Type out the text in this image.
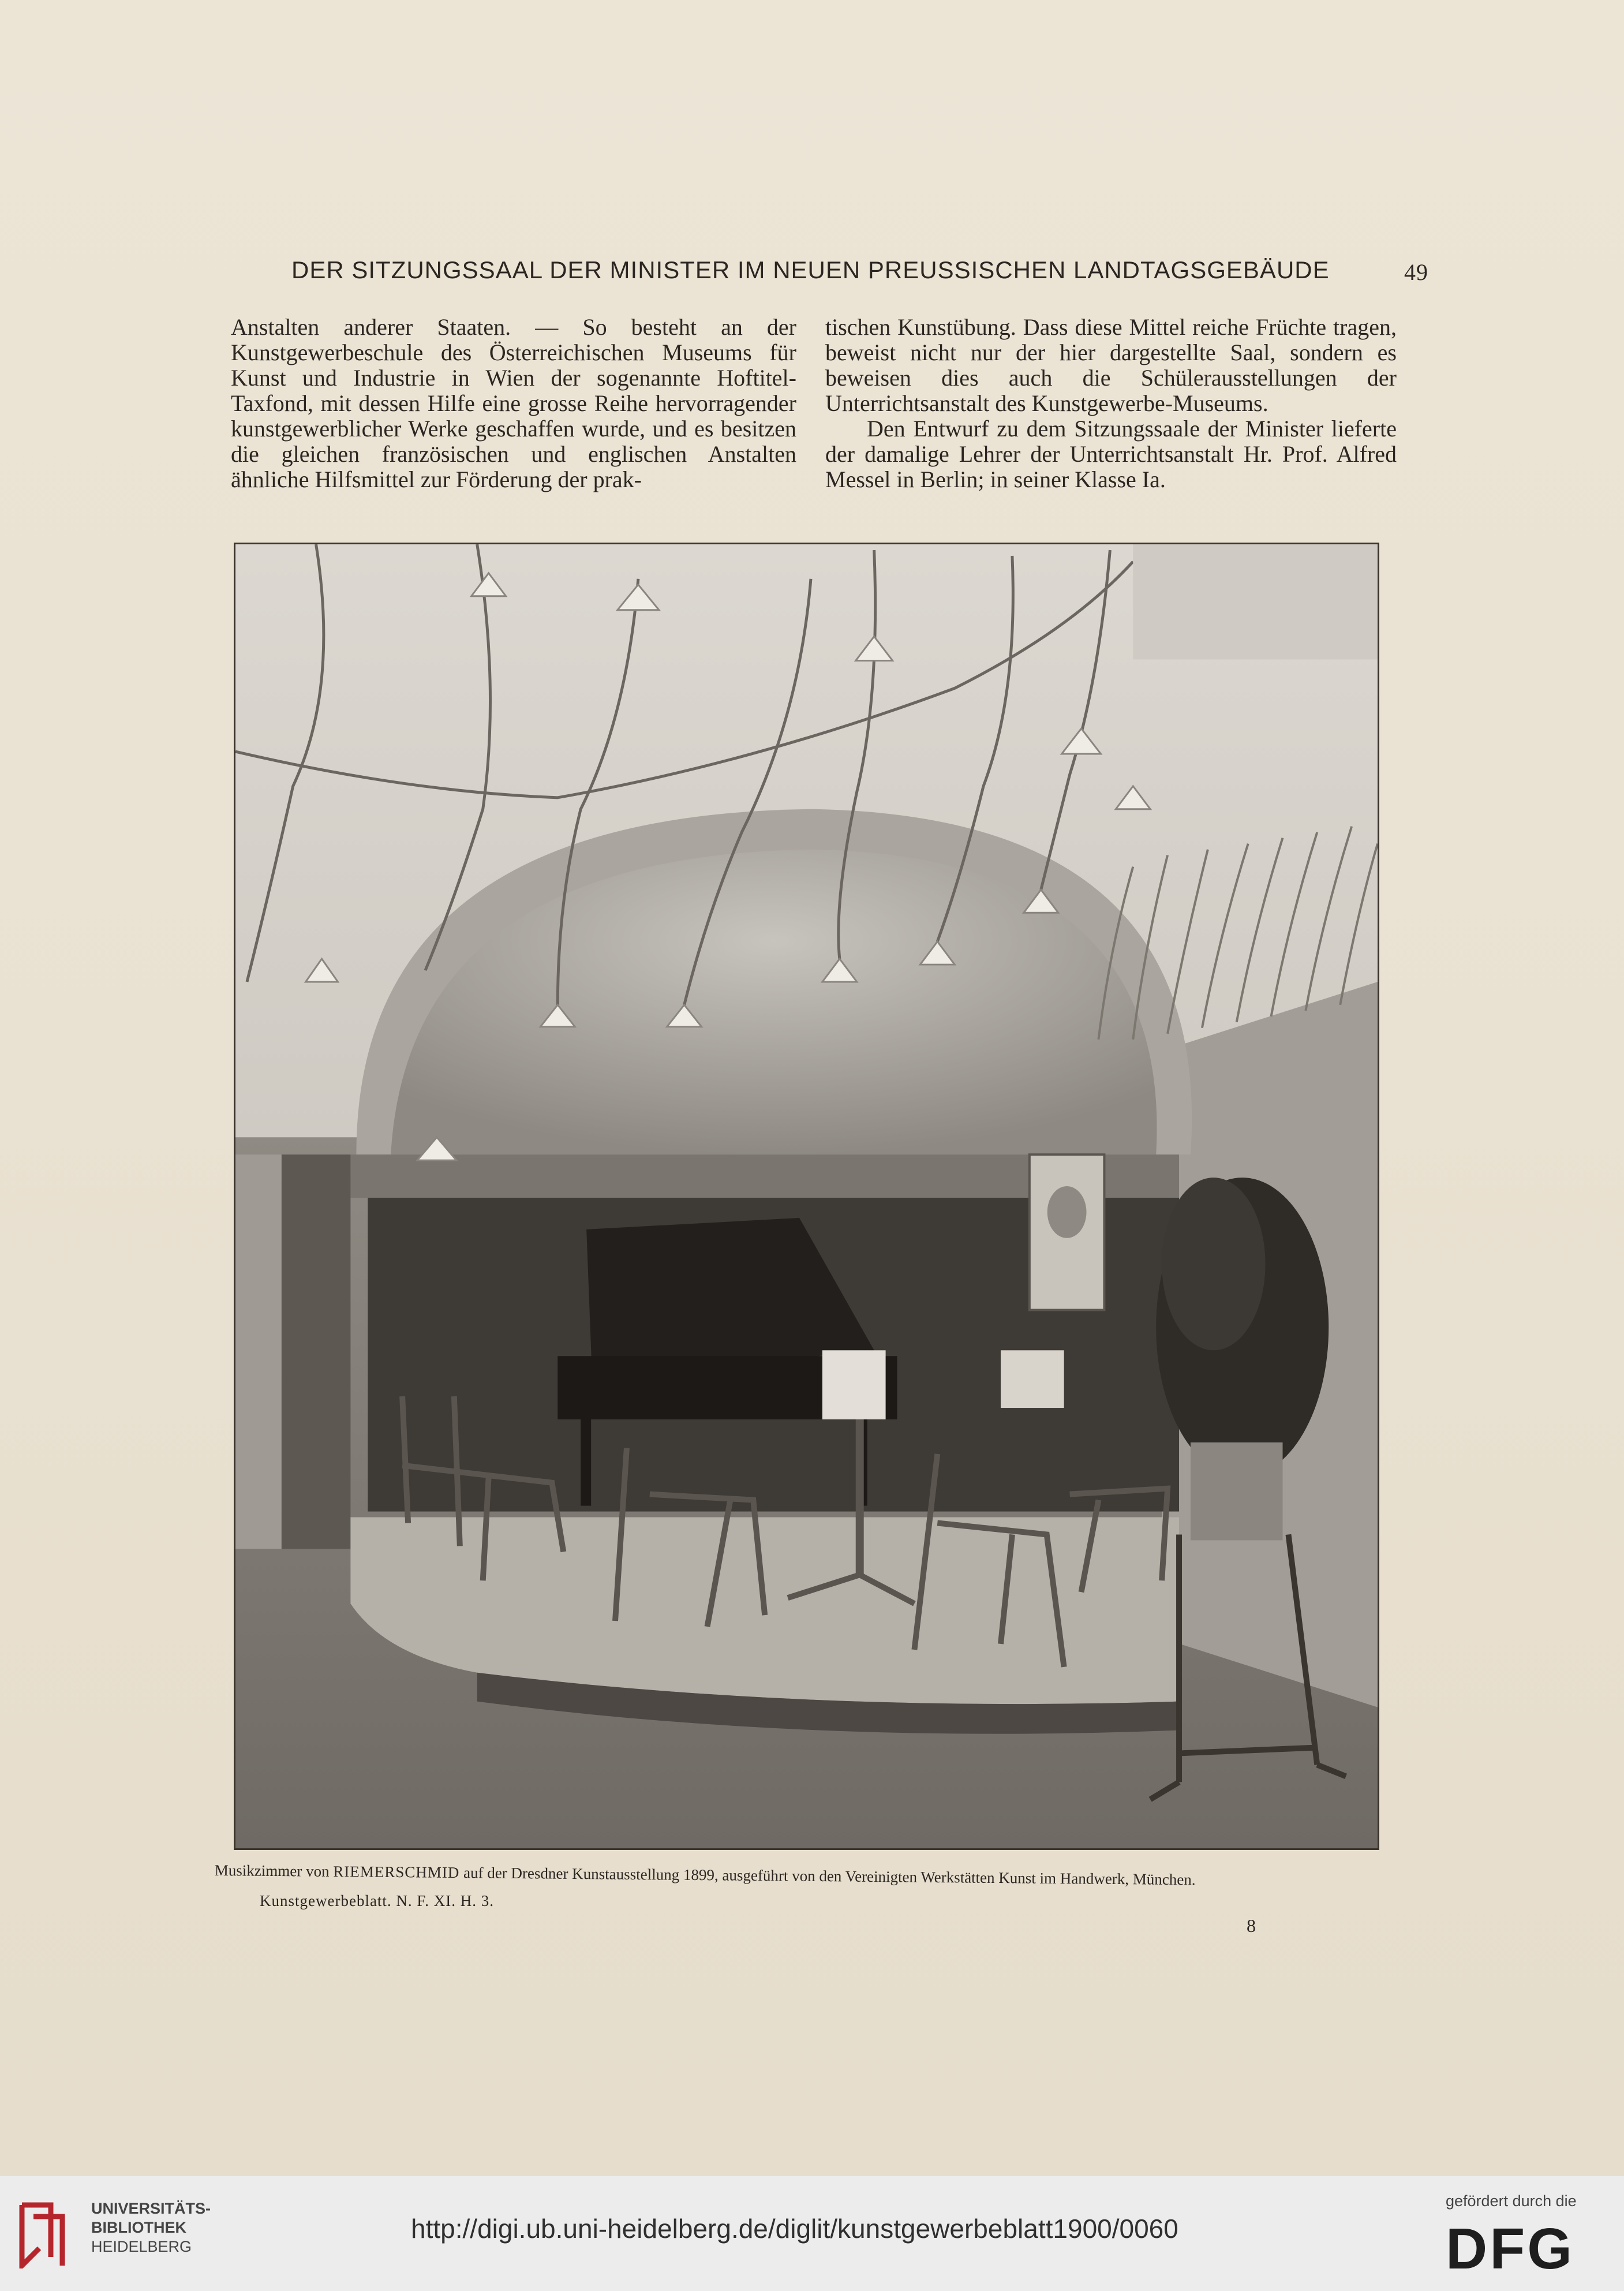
DER SITZUNGSSAAL DER MINISTER IM NEUEN PREUSSISCHEN LANDTAGSGEBÄUDE	49

Anstalten anderer Staaten. — So besteht an der Kunstgewerbeschule des Österreichischen Museums für Kunst und Industrie in Wien der sogenannte Hoftitel-Taxfond, mit dessen Hilfe eine grosse Reihe hervorragender kunstgewerblicher Werke geschaffen wurde, und es besitzen die gleichen französischen und englischen Anstalten ähnliche Hilfsmittel zur Förderung der prak-

tischen Kunstübung. Dass diese Mittel reiche Früchte tragen, beweist nicht nur der hier dargestellte Saal, sondern es beweisen dies auch die Schülerausstellungen der Unterrichtsanstalt des Kunstgewerbe-Museums.

Den Entwurf zu dem Sitzungssaale der Minister lieferte der damalige Lehrer der Unterrichtsanstalt Hr. Prof. Alfred Messel in Berlin; in seiner Klasse Ia.

Musikzimmer von RIEMERSCHMID auf der Dresdner Kunstausstellung 1899, ausgeführt von den Vereinigten Werkstätten Kunst im Handwerk, München.
Kunstgewerbeblatt. N. F. XI. H. 3.
8
UNIVERSITÄTS-
BIBLIOTHEK
HEIDELBERG
http://digi.ub.uni-heidelberg.de/diglit/kunstgewerbeblatt1900/0060
gefördert durch die
DFG
